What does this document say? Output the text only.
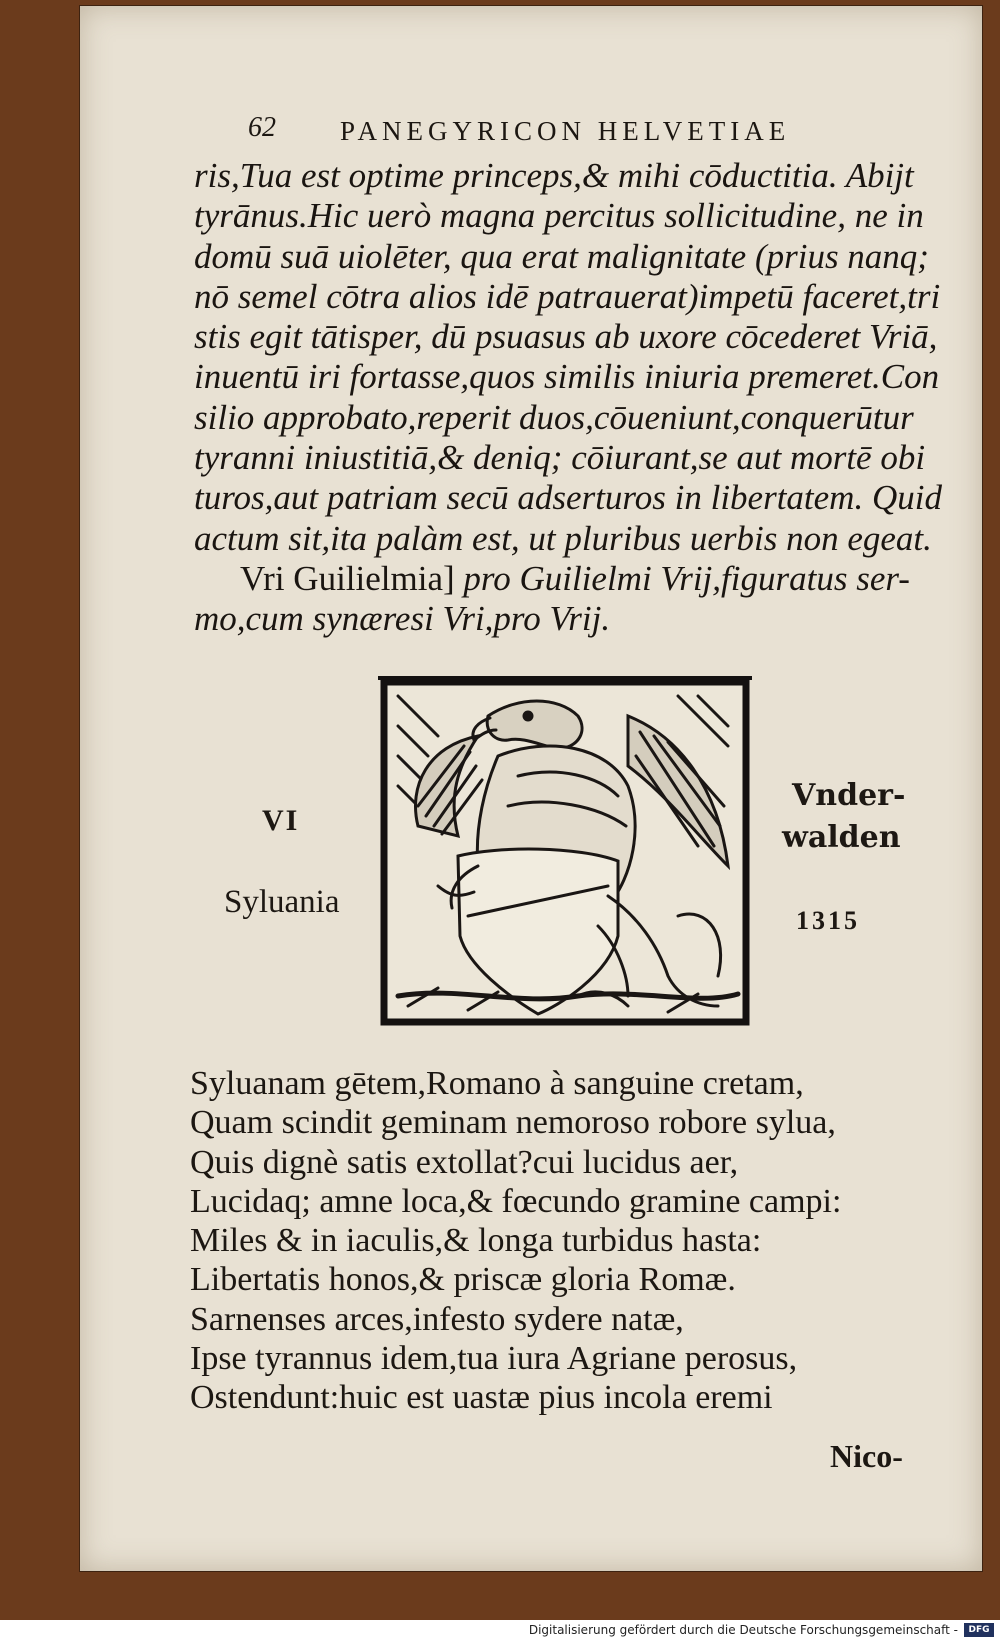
62 PANEGYRICON HELVETIAE
ris,Tua est optime princeps,& mihi cōductitia. Abijt
tyrānus.Hic uerò magna percitus sollicitudine, ne in
domū suā uiolēter, qua erat malignitate (prius nanq;
nō semel cōtra alios idē patrauerat)impetū faceret,tri
stis egit tātisper, dū psuasus ab uxore cōcederet Vriā,
inuentū iri fortasse,quos similis iniuria premeret.Con
silio approbato,reperit duos,cōueniunt,conquerūtur
tyranni iniustitiā,& deniq; cōiurant,se aut mortē obi
turos,aut patriam secū adserturos in libertatem. Quid
actum sit,ita palàm est, ut pluribus uerbis non egeat.
Vri Guilielmia] pro Guilielmi Vrij,figuratus ser-
mo,cum synæresi Vri,pro Vrij.
VI
Syluania
Vnder-
walden
1315
Syluanam gētem,Romano à sanguine cretam,
Quam scindit geminam nemoroso robore sylua,
Quis dignè satis extollat?cui lucidus aer,
Lucidaq; amne loca,& fœcundo gramine campi:
Miles & in iaculis,& longa turbidus hasta:
Libertatis honos,& priscæ gloria Romæ.
Sarnenses arces,infesto sydere natæ,
Ipse tyrannus idem,tua iura Agriane perosus,
Ostendunt:huic est uastæ pius incola eremi
Nico-
Digitalisierung gefördert durch die Deutsche Forschungsgemeinschaft -	DFG
